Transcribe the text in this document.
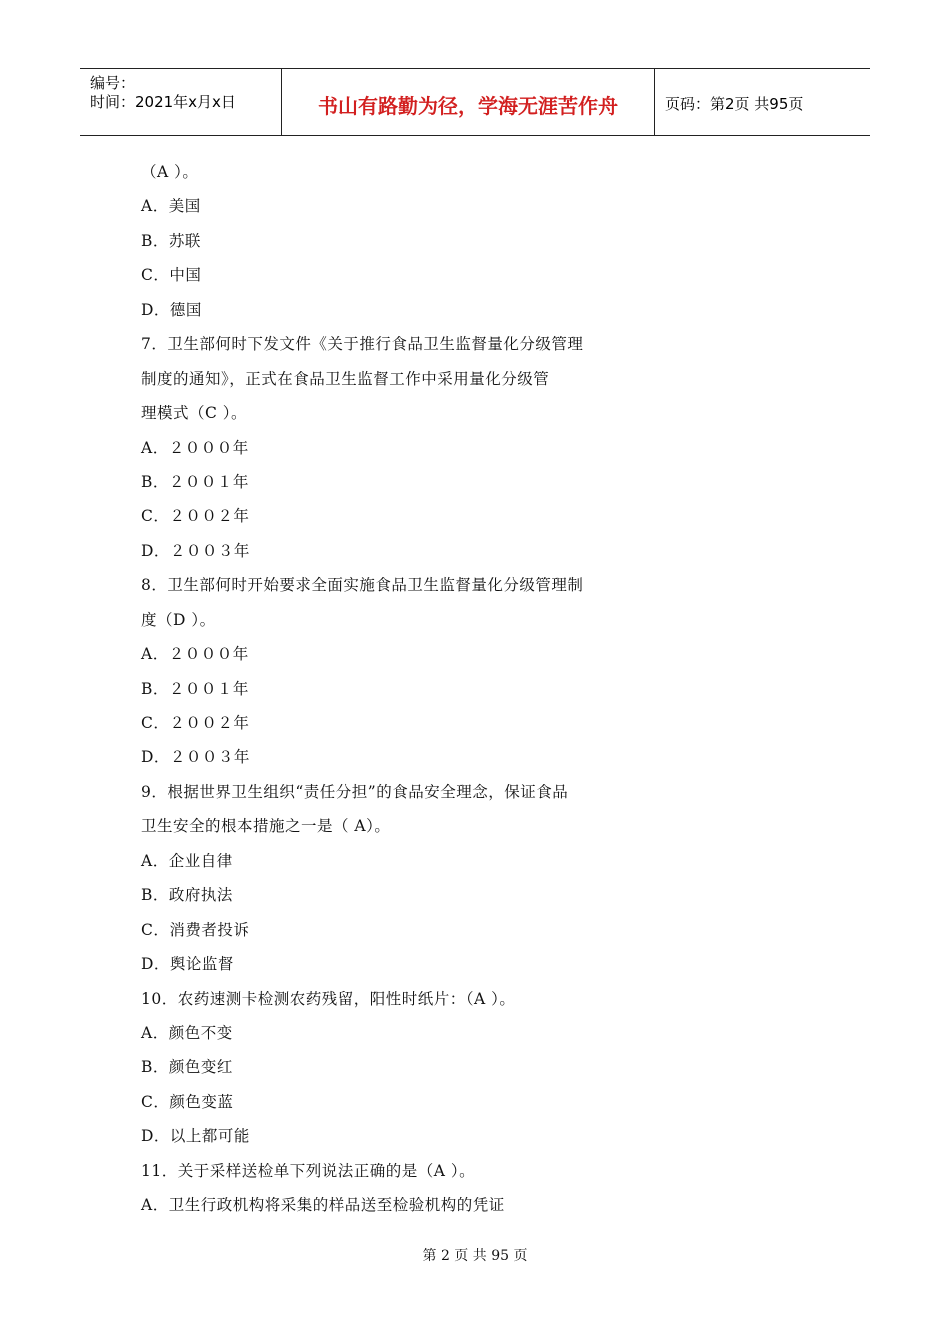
编号：
时间：2021年x月x日	书山有路勤为径，学海无涯苦作舟	页码：第2页 共95页
（A ）。
A．美国
B．苏联
C．中国
D．德国
7．卫生部何时下发文件《关于推行食品卫生监督量化分级管理
制度的通知》，正式在食品卫生监督工作中采用量化分级管
理模式（C ）。
A．２０００年
B．２００１年
C．２００２年
D．２００３年
8．卫生部何时开始要求全面实施食品卫生监督量化分级管理制
度（D ）。
A．２０００年
B．２００１年
C．２００２年
D．２００３年
9．根据世界卫生组织“责任分担”的食品安全理念，保证食品
卫生安全的根本措施之一是（ A）。
A．企业自律
B．政府执法
C．消费者投诉
D．舆论监督
10．农药速测卡检测农药残留，阳性时纸片：（A ）。
A．颜色不变
B．颜色变红
C．颜色变蓝
D．以上都可能
11．关于采样送检单下列说法正确的是（A ）。
A．卫生行政机构将采集的样品送至检验机构的凭证
第 2 页 共 95 页
